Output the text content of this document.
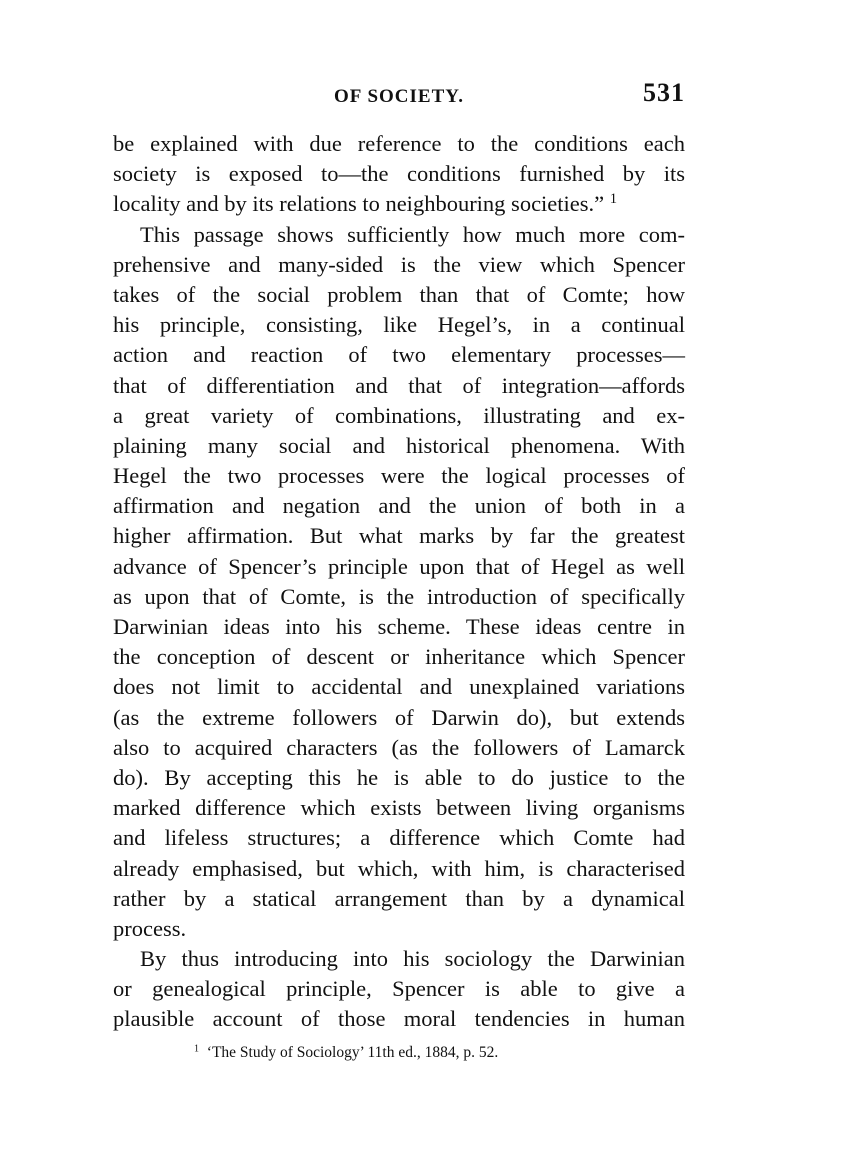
OF SOCIETY.	531
be explained with due reference to the conditions each
society is exposed to—the conditions furnished by its
locality and by its relations to neighbouring societies.” $^1$
This passage shows sufficiently how much more com-
prehensive and many-sided is the view which Spencer
takes of the social problem than that of Comte; how
his principle, consisting, like Hegel’s, in a continual
action and reaction of two elementary processes—
that of differentiation and that of integration—affords
a great variety of combinations, illustrating and ex-
plaining many social and historical phenomena. With
Hegel the two processes were the logical processes of
affirmation and negation and the union of both in a
higher affirmation. But what marks by far the greatest
advance of Spencer’s principle upon that of Hegel as well
as upon that of Comte, is the introduction of specifically
Darwinian ideas into his scheme. These ideas centre in
the conception of descent or inheritance which Spencer
does not limit to accidental and unexplained variations
(as the extreme followers of Darwin do), but extends
also to acquired characters (as the followers of Lamarck
do). By accepting this he is able to do justice to the
marked difference which exists between living organisms
and lifeless structures; a difference which Comte had
already emphasised, but which, with him, is characterised
rather by a statical arrangement than by a dynamical
process.
By thus introducing into his sociology the Darwinian
or genealogical principle, Spencer is able to give a
plausible account of those moral tendencies in human
$^1$ ‘The Study of Sociology’ 11th ed., 1884, p. 52.
